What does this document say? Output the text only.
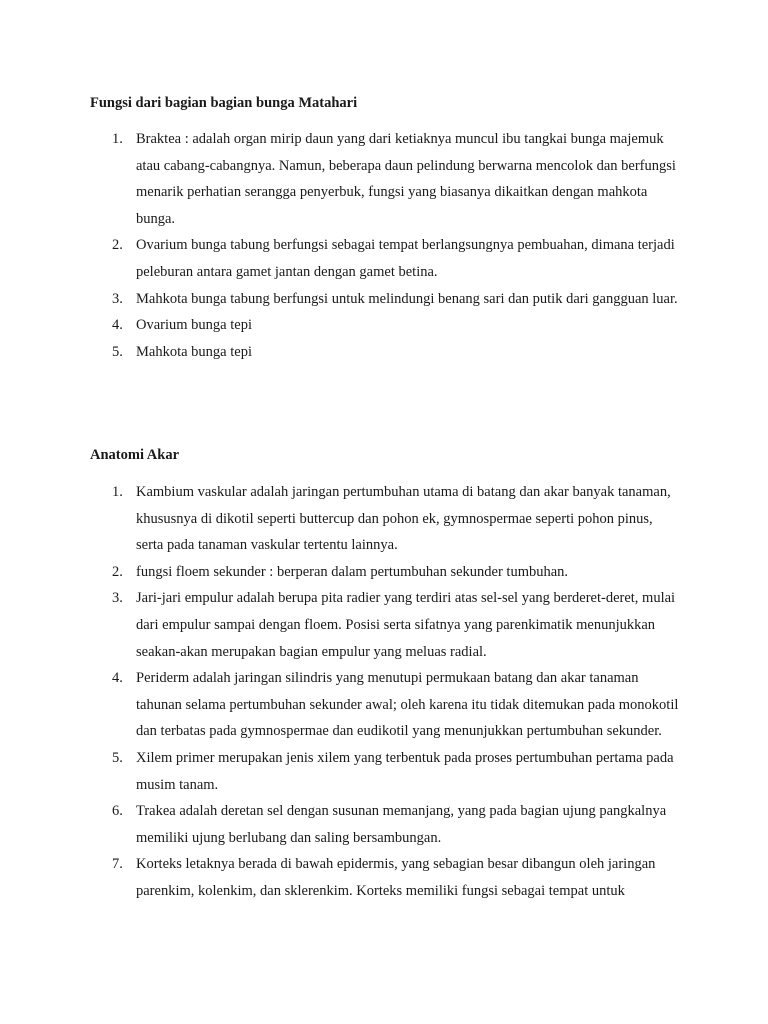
Fungsi dari bagian bagian bunga Matahari
1. Braktea : adalah organ mirip daun yang dari ketiaknya muncul ibu tangkai bunga majemuk atau cabang-cabangnya. Namun, beberapa daun pelindung berwarna mencolok dan berfungsi menarik perhatian serangga penyerbuk, fungsi yang biasanya dikaitkan dengan mahkota bunga.
2. Ovarium bunga tabung berfungsi sebagai tempat berlangsungnya pembuahan, dimana terjadi peleburan antara gamet jantan dengan gamet betina.
3. Mahkota bunga tabung berfungsi untuk melindungi benang sari dan putik dari gangguan luar.
4. Ovarium bunga tepi
5. Mahkota bunga tepi
Anatomi Akar
1. Kambium vaskular adalah jaringan pertumbuhan utama di batang dan akar banyak tanaman, khususnya di dikotil seperti buttercup dan pohon ek, gymnospermae seperti pohon pinus, serta pada tanaman vaskular tertentu lainnya.
2. fungsi floem sekunder : berperan dalam pertumbuhan sekunder tumbuhan.
3. Jari-jari empulur adalah berupa pita radier yang terdiri atas sel-sel yang berderet-deret, mulai dari empulur sampai dengan floem. Posisi serta sifatnya yang parenkimatik menunjukkan seakan-akan merupakan bagian empulur yang meluas radial.
4. Periderm adalah jaringan silindris yang menutupi permukaan batang dan akar tanaman tahunan selama pertumbuhan sekunder awal; oleh karena itu tidak ditemukan pada monokotil dan terbatas pada gymnospermae dan eudikotil yang menunjukkan pertumbuhan sekunder.
5. Xilem primer merupakan jenis xilem yang terbentuk pada proses pertumbuhan pertama pada musim tanam.
6. Trakea adalah deretan sel dengan susunan memanjang, yang pada bagian ujung pangkalnya memiliki ujung berlubang dan saling bersambungan.
7. Korteks letaknya berada di bawah epidermis, yang sebagian besar dibangun oleh jaringan parenkim, kolenkim, dan sklerenkim. Korteks memiliki fungsi sebagai tempat untuk
